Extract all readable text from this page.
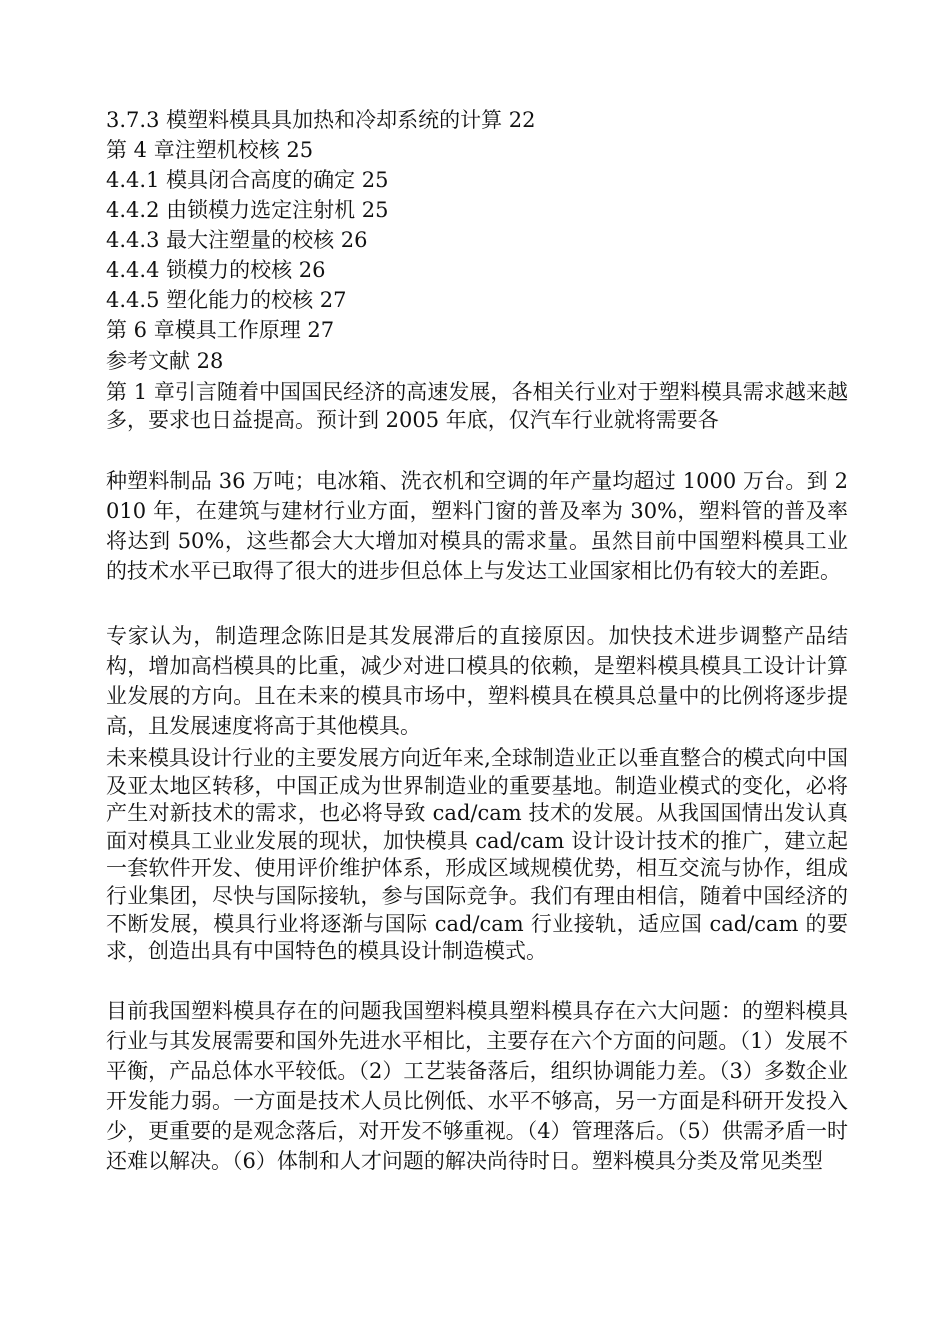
3.7.3 模塑料模具具加热和冷却系统的计算 22
第 4 章注塑机校核 25
4.4.1 模具闭合高度的确定 25
4.4.2 由锁模力选定注射机 25
4.4.3 最大注塑量的校核 26
4.4.4 锁模力的校核 26
4.4.5 塑化能力的校核 27
第 6 章模具工作原理 27
参考文献 28
第 1 章引言随着中国国民经济的高速发展，各相关行业对于塑料模具需求越来越多，要求也日益提高。预计到 2005 年底，仅汽车行业就将需要各
种塑料制品 36 万吨；电冰箱、洗衣机和空调的年产量均超过 1000 万台。到 2010 年，在建筑与建材行业方面，塑料门窗的普及率为 30%，塑料管的普及率将达到 50%，这些都会大大增加对模具的需求量。虽然目前中国塑料模具工业的技术水平已取得了很大的进步但总体上与发达工业国家相比仍有较大的差距。
专家认为，制造理念陈旧是其发展滞后的直接原因。加快技术进步调整产品结构，增加高档模具的比重，减少对进口模具的依赖，是塑料模具模具工设计计算业发展的方向。且在未来的模具市场中，塑料模具在模具总量中的比例将逐步提高，且发展速度将高于其他模具。
未来模具设计行业的主要发展方向近年来,全球制造业正以垂直整合的模式向中国及亚太地区转移，中国正成为世界制造业的重要基地。制造业模式的变化，必将产生对新技术的需求，也必将导致 cad/cam 技术的发展。从我国国情出发认真面对模具工业业发展的现状，加快模具 cad/cam 设计设计技术的推广，建立起一套软件开发、使用评价维护体系，形成区域规模优势，相互交流与协作，组成行业集团，尽快与国际接轨，参与国际竞争。我们有理由相信，随着中国经济的不断发展，模具行业将逐渐与国际 cad/cam 行业接轨，适应国 cad/cam 的要求，创造出具有中国特色的模具设计制造模式。
目前我国塑料模具存在的问题我国塑料模具塑料模具存在六大问题：的塑料模具行业与其发展需要和国外先进水平相比，主要存在六个方面的问题。（1）发展不平衡，产品总体水平较低。（2）工艺装备落后，组织协调能力差。（3）多数企业开发能力弱。一方面是技术人员比例低、水平不够高，另一方面是科研开发投入少，更重要的是观念落后，对开发不够重视。（4）管理落后。（5）供需矛盾一时还难以解决。（6）体制和人才问题的解决尚待时日。塑料模具分类及常见类型
